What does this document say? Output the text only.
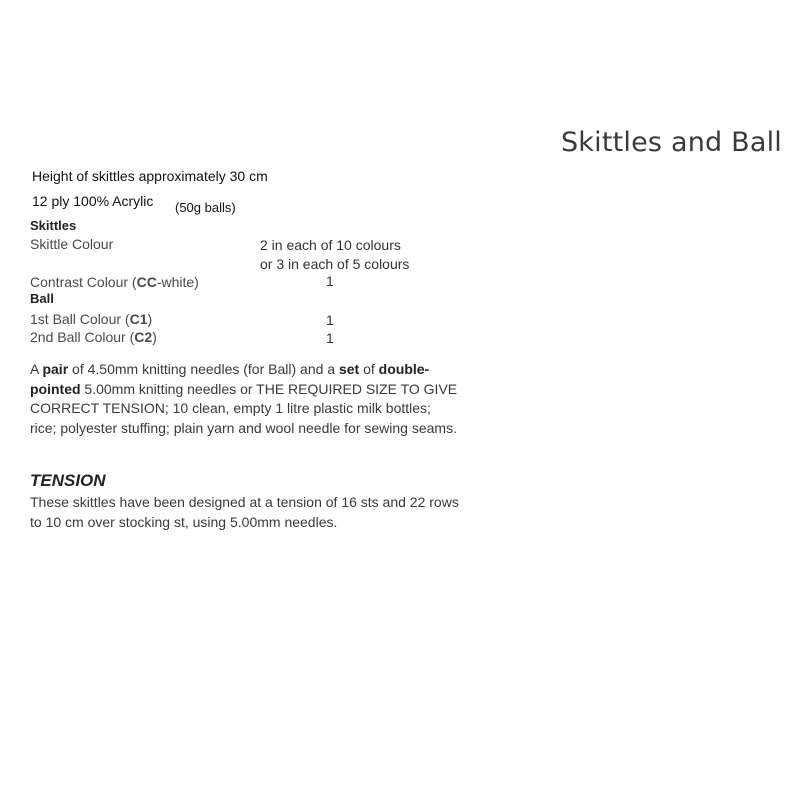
Skittles and Ball
Height of skittles approximately 30 cm
12 ply 100% Acrylic (50g balls)
Skittles
Skittle Colour	2 in each of 10 colours
or 3 in each of 5 colours
Contrast Colour (CC-white)	1
Ball
1st Ball Colour (C1)	1
2nd Ball Colour (C2)	1
A pair of 4.50mm knitting needles (for Ball) and a set of double-pointed 5.00mm knitting needles or THE REQUIRED SIZE TO GIVE CORRECT TENSION; 10 clean, empty 1 litre plastic milk bottles; rice; polyester stuffing; plain yarn and wool needle for sewing seams.
TENSION
These skittles have been designed at a tension of 16 sts and 22 rows to 10 cm over stocking st, using 5.00mm needles.
